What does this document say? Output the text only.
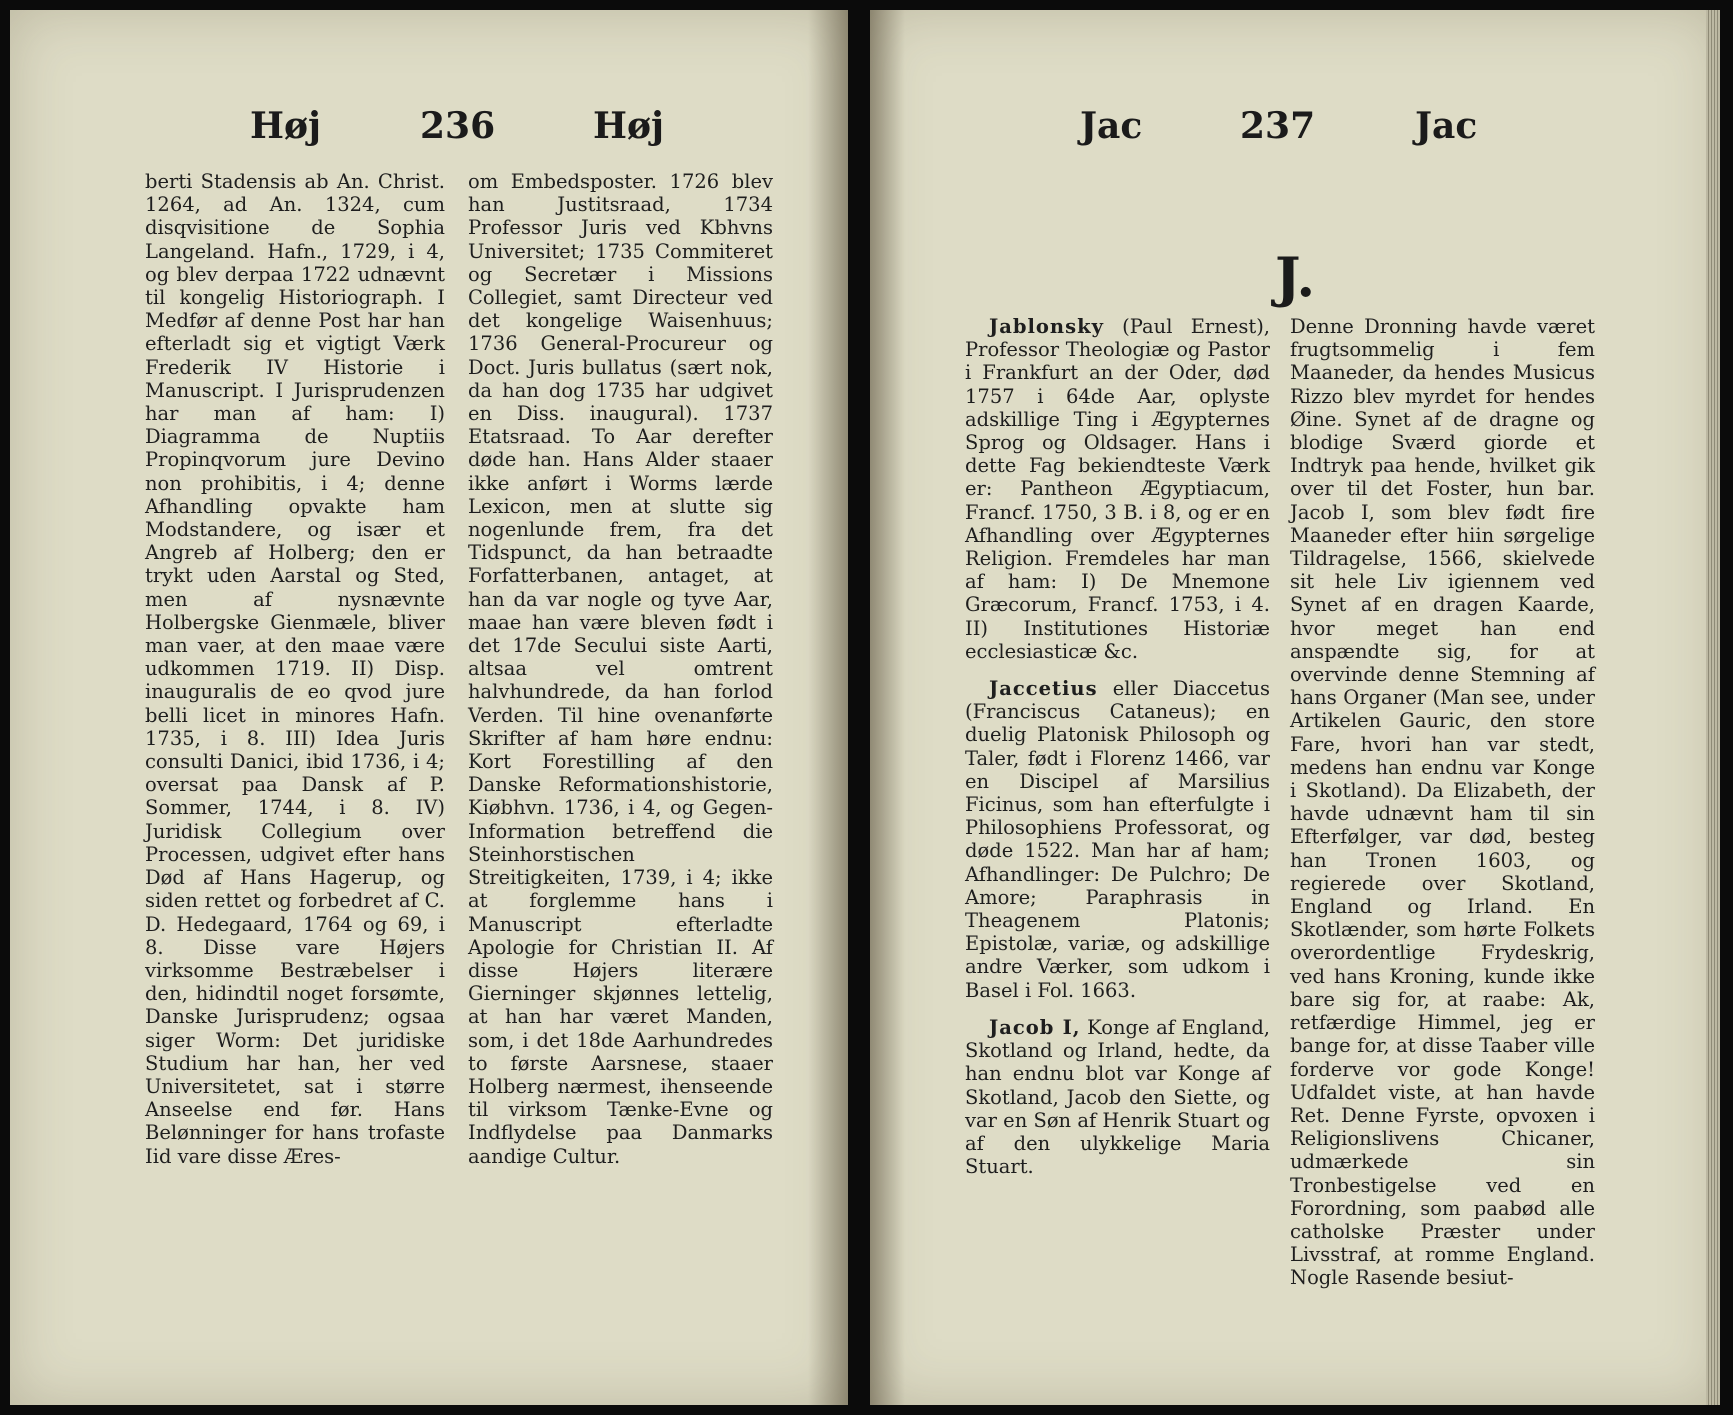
Høj	236	Høj

berti Stadensis ab An. Christ. 1264, ad An. 1324, cum disqvisitione de Sophia Langeland. Hafn., 1729, i 4, og blev derpaa 1722 udnævnt til kongelig Historiograph. I Medfør af denne Post har han efterladt sig et vigtigt Værk Frederik IV Historie i Manuscript. I Jurisprudenzen har man af ham: I) Diagramma de Nuptiis Propinqvorum jure Devino non prohibitis, i 4; denne Afhandling opvakte ham Modstandere, og især et Angreb af Holberg; den er trykt uden Aarstal og Sted, men af nysnævnte Holbergske Gienmæle, bliver man vaer, at den maae være udkommen 1719. II) Disp. inauguralis de eo qvod jure belli licet in minores Hafn. 1735, i 8. III) Idea Juris consulti Danici, ibid 1736, i 4; oversat paa Dansk af P. Sommer, 1744, i 8. IV) Juridisk Collegium over Processen, udgivet efter hans Død af Hans Hagerup, og siden rettet og forbedret af C. D. Hedegaard, 1764 og 69, i 8. Disse vare Højers virksomme Bestræbelser i den, hidindtil noget forsømte, Danske Jurisprudenz; ogsaa siger Worm: Det juridiske Studium har han, her ved Universitetet, sat i større Anseelse end før. Hans Belønninger for hans trofaste Iid vare disse Æres-

om Embedsposter. 1726 blev han Justitsraad, 1734 Professor Juris ved Kbhvns Universitet; 1735 Commiteret og Secretær i Missions Collegiet, samt Directeur ved det kongelige Waisenhuus; 1736 General-Procureur og Doct. Juris bullatus (sært nok, da han dog 1735 har udgivet en Diss. inaugural). 1737 Etatsraad. To Aar derefter døde han. Hans Alder staaer ikke anført i Worms lærde Lexicon, men at slutte sig nogenlunde frem, fra det Tidspunct, da han betraadte Forfatterbanen, antaget, at han da var nogle og tyve Aar, maae han være bleven født i det 17de Secului siste Aarti, altsaa vel omtrent halvhundrede, da han forlod Verden. Til hine ovenanførte Skrifter af ham høre endnu: Kort Forestilling af den Danske Reformationshistorie, Kiøbhvn. 1736, i 4, og Gegen-Information betreffend die Steinhorstischen Streitigkeiten, 1739, i 4; ikke at forglemme hans i Manuscript efterladte Apologie for Christian II. Af disse Højers literære Gierninger skjønnes lettelig, at han har været Manden, som, i det 18de Aarhundredes to første Aarsnese, staaer Holberg nærmest, ihenseende til virksom Tænke-Evne og Indflydelse paa Danmarks aandige Cultur.

Jac	237	Jac
J.

Jablonsky (Paul Ernest), Professor Theologiæ og Pastor i Frankfurt an der Oder, død 1757 i 64de Aar, oplyste adskillige Ting i Ægypternes Sprog og Oldsager. Hans i dette Fag bekiendteste Værk er: Pantheon Ægyptiacum, Francf. 1750, 3 B. i 8, og er en Afhandling over Ægypternes Religion. Fremdeles har man af ham: I) De Mnemone Græcorum, Francf. 1753, i 4. II) Institutiones Historiæ ecclesiasticæ &c.

Jaccetius eller Diaccetus (Franciscus Cataneus); en duelig Platonisk Philosoph og Taler, født i Florenz 1466, var en Discipel af Marsilius Ficinus, som han efterfulgte i Philosophiens Professorat, og døde 1522. Man har af ham; Afhandlinger: De Pulchro; De Amore; Paraphrasis in Theagenem Platonis; Epistolæ, variæ, og adskillige andre Værker, som udkom i Basel i Fol. 1663.

Jacob I, Konge af England, Skotland og Irland, hedte, da han endnu blot var Konge af Skotland, Jacob den Siette, og var en Søn af Henrik Stuart og af den ulykkelige Maria Stuart.

Denne Dronning havde været frugtsommelig i fem Maaneder, da hendes Musicus Rizzo blev myrdet for hendes Øine. Synet af de dragne og blodige Sværd giorde et Indtryk paa hende, hvilket gik over til det Foster, hun bar. Jacob I, som blev født fire Maaneder efter hiin sørgelige Tildragelse, 1566, skielvede sit hele Liv igiennem ved Synet af en dragen Kaarde, hvor meget han end anspændte sig, for at overvinde denne Stemning af hans Organer (Man see, under Artikelen Gauric, den store Fare, hvori han var stedt, medens han endnu var Konge i Skotland). Da Elizabeth, der havde udnævnt ham til sin Efterfølger, var død, besteg han Tronen 1603, og regierede over Skotland, England og Irland. En Skotlænder, som hørte Folkets overordentlige Frydeskrig, ved hans Kroning, kunde ikke bare sig for, at raabe: Ak, retfærdige Himmel, jeg er bange for, at disse Taaber ville forderve vor gode Konge! Udfaldet viste, at han havde Ret. Denne Fyrste, opvoxen i Religionslivens Chicaner, udmærkede sin Tronbestigelse ved en Forordning, som paabød alle catholske Præster under Livsstraf, at romme England. Nogle Rasende besiut-
